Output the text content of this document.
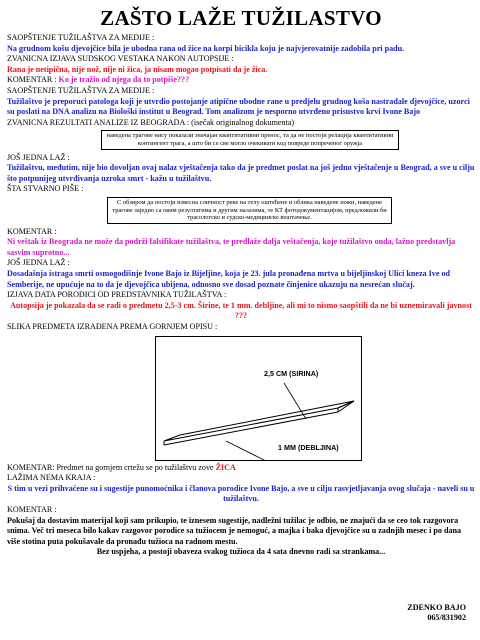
ZAŠTO LAŽE TUŽILASTVO
SAOPŠTENJE TUŽILAŠTVA ZA MEDIJE :
Na grudnom košu djevojčice bila je ubodna rana od žice na korpi bicikla koju je najvjerovatnije zadobila pri padu.
ZVANICNA IZJAVA SUDSKOG VESTAKA NAKON AUTOPSIJE :
Rana je netipična, nije nož, nije ni žica, ja nisam mogao potpisati da je žica.
KOMENTAR : Ko je tražio od njega da to potpiše???
SAOPŠTENJE TUŽILAŠTVA ZA MEDIJE :
Tužilaštvo je preporuci patologa koji je utvrdio postojanje atipične ubodne rane u predjelu grudnog koša nastradale djevojčice, uzorci su poslati na DNA analizu na Biološki institut u Beograd. Tom analizom je nesporno utvrđeno prisustvo krvi Ivone Bajo
ZVANICNA REZULTATI ANALIZE IZ BEOGRADA : (isečak originalnog dokumenta)
наведена трагове нису показали значајан квантитативни пренос, та да не постоји релација квантитативни контингент трага, а што би се све могло очекивати код повреде попреченог оружја
JOŠ JEDNA LAŽ :
Tužilaštvu, međutim, nije bio dovoljan ovaj nalaz vještačenja tako da je predmet poslat na još jedno vještačenje u Beograd, a sve u cilju što potpunijeg utvrđivanja uzroka smrt - kažu u tužilaštvu.
ŠTA STVARNO PIŠE :
С обзиром да постоји извесна сличност реке на телу оштећене и облика наведене ножи, наведене трагове заједно са овим резултатима и другим налазима, те КТ фотодокументацијом, предложили би трасологско и судско-медицинско вештачење.
KOMENTAR :
Ni veštak iz Beograda ne može da podrži falsifikate tužilaštva, te predlaže dalja veštačenja, koje tužilaštvo onda, lažno predstavlja sasvim suprotno...
JOŠ JEDNA LAŽ :
Dosadašnja istraga smrti osmogodišnje Ivone Bajo iz Bijeljine, koja je 23. jula pronađena mrtva u bijeljinskoj Ulici kneza Ive od Semberije, ne upućuje na to da je djevojčica ubijena, odnosno sve dosad poznate činjenice ukazuju na nesrećan slučaj.
IZJAVA DATA PORODICI OD PREDSTAVNIKA TUŽILAŠTVA :
Autopsija je pokazala da se radi o predmetu 2,5-3 cm. Širine, te 1 mm. debljine, ali mi to nismo saopštili da ne bi uznemiravali javnost ???
SLIKA PREDMETA IZRAĐENA PREMA GORNJEM OPISU :
2,5 CM (SIRINA)
1 MM (DEBLJINA)
KOMENTAR: Predmet na gornjem crtežu se po tužilaštvu zove ŽICA
LAŽIMA NEMA KRAJA :
S tim u vezi prihvaćene su i sugestije punomoćnika i članova porodice Ivone Bajo, a sve u cilju rasvjetljavanja ovog slučaja - naveli su u tužilaštvu.
KOMENTAR :
Pokušaj da dostavim materijal koji sam prikupio, te iznesem sugestije, nadležni tužilac je odbio, ne znajući da se ceo tok razgovora snima. Več tri meseca bilo kakav razgovor porodice sa tužiocem je nemoguć, a majka i baka djevojčice su u zadnjih mesec i po dana više stotina puta pokušavale da pronađu tužioca na radnom mestu.
Bez uspjeha, a postoji obaveza svakog tužioca da 4 sata dnevno radi sa strankama...
ZDENKO BAJO
065/831902
